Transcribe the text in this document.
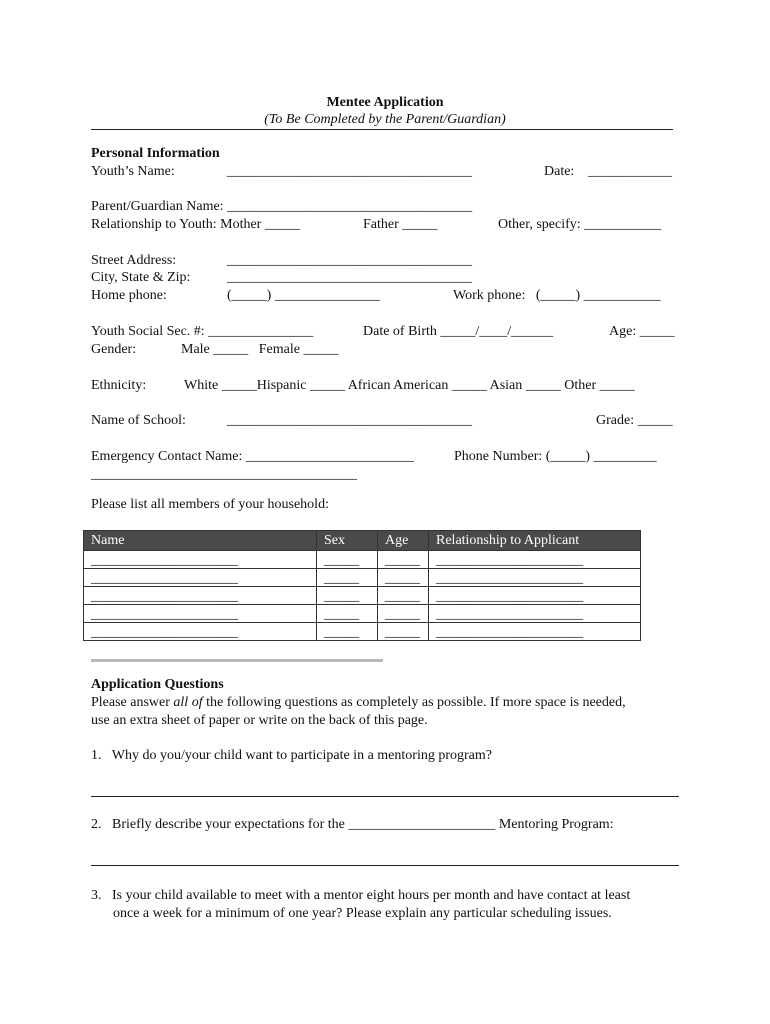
Mentee Application
(To Be Completed by the Parent/Guardian)
Personal Information
Youth’s Name:	___________________________________	Date: ____________
Parent/Guardian Name: ___________________________________
Relationship to Youth: Mother _____	Father _____	Other, specify: ___________
Street Address:	___________________________________
City, State & Zip:	___________________________________
Home phone:	(_____) _______________	Work phone:   (_____) ___________
Youth Social Sec. #: _______________	Date of Birth _____/____/______	Age: _____
Gender:	Male _____   Female _____
Ethnicity:	White _____Hispanic _____ African American _____ Asian _____ Other _____
Name of School:	___________________________________	Grade: _____
Emergency Contact Name: ________________________	Phone Number: (_____) _________
______________________________________
Please list all members of your household:
Name	Sex	Age	Relationship to Applicant
_____________________	_____	_____	_____________________
_____________________	_____	_____	_____________________
_____________________	_____	_____	_____________________
_____________________	_____	_____	_____________________
_____________________	_____	_____	_____________________
Application Questions
Please answer all of the following questions as completely as possible. If more space is needed,
use an extra sheet of paper or write on the back of this page.
1.   Why do you/your child want to participate in a mentoring program?
2.   Briefly describe your expectations for the _____________________ Mentoring Program:
3.   Is your child available to meet with a mentor eight hours per month and have contact at least
once a week for a minimum of one year? Please explain any particular scheduling issues.
